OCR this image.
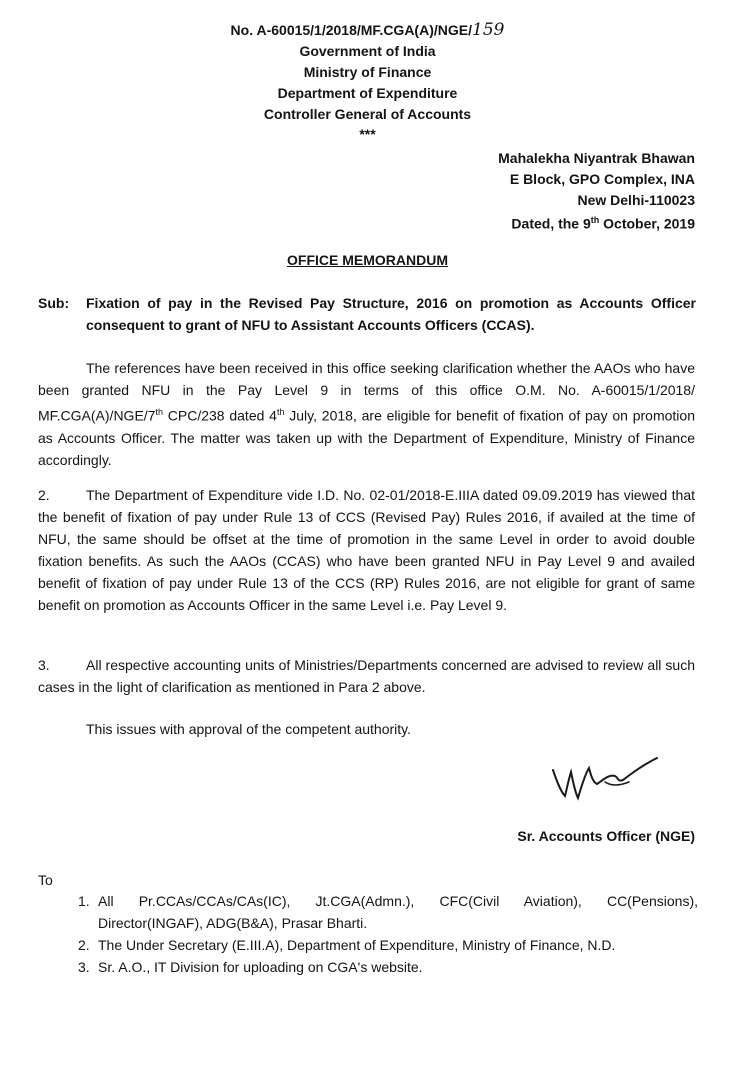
No. A-60015/1/2018/MF.CGA(A)/NGE/159
Government of India
Ministry of Finance
Department of Expenditure
Controller General of Accounts
***
Mahalekha Niyantrak Bhawan
E Block, GPO Complex, INA
New Delhi-110023
Dated, the 9th October, 2019
OFFICE MEMORANDUM
Sub: Fixation of pay in the Revised Pay Structure, 2016 on promotion as Accounts Officer consequent to grant of NFU to Assistant Accounts Officers (CCAS).
The references have been received in this office seeking clarification whether the AAOs who have been granted NFU in the Pay Level 9 in terms of this office O.M. No. A-60015/1/2018/ MF.CGA(A)/NGE/7th CPC/238 dated 4th July, 2018, are eligible for benefit of fixation of pay on promotion as Accounts Officer. The matter was taken up with the Department of Expenditure, Ministry of Finance accordingly.
2.	The Department of Expenditure vide I.D. No. 02-01/2018-E.IIIA dated 09.09.2019 has viewed that the benefit of fixation of pay under Rule 13 of CCS (Revised Pay) Rules 2016, if availed at the time of NFU, the same should be offset at the time of promotion in the same Level in order to avoid double fixation benefits. As such the AAOs (CCAS) who have been granted NFU in Pay Level 9 and availed benefit of fixation of pay under Rule 13 of the CCS (RP) Rules 2016, are not eligible for grant of same benefit on promotion as Accounts Officer in the same Level i.e. Pay Level 9.
3.	All respective accounting units of Ministries/Departments concerned are advised to review all such cases in the light of clarification as mentioned in Para 2 above.
This issues with approval of the competent authority.
Sr. Accounts Officer (NGE)
To
1. All Pr.CCAs/CCAs/CAs(IC), Jt.CGA(Admn.), CFC(Civil Aviation), CC(Pensions), Director(INGAF), ADG(B&A), Prasar Bharti.
2. The Under Secretary (E.III.A), Department of Expenditure, Ministry of Finance, N.D.
3. Sr. A.O., IT Division for uploading on CGA's website.
